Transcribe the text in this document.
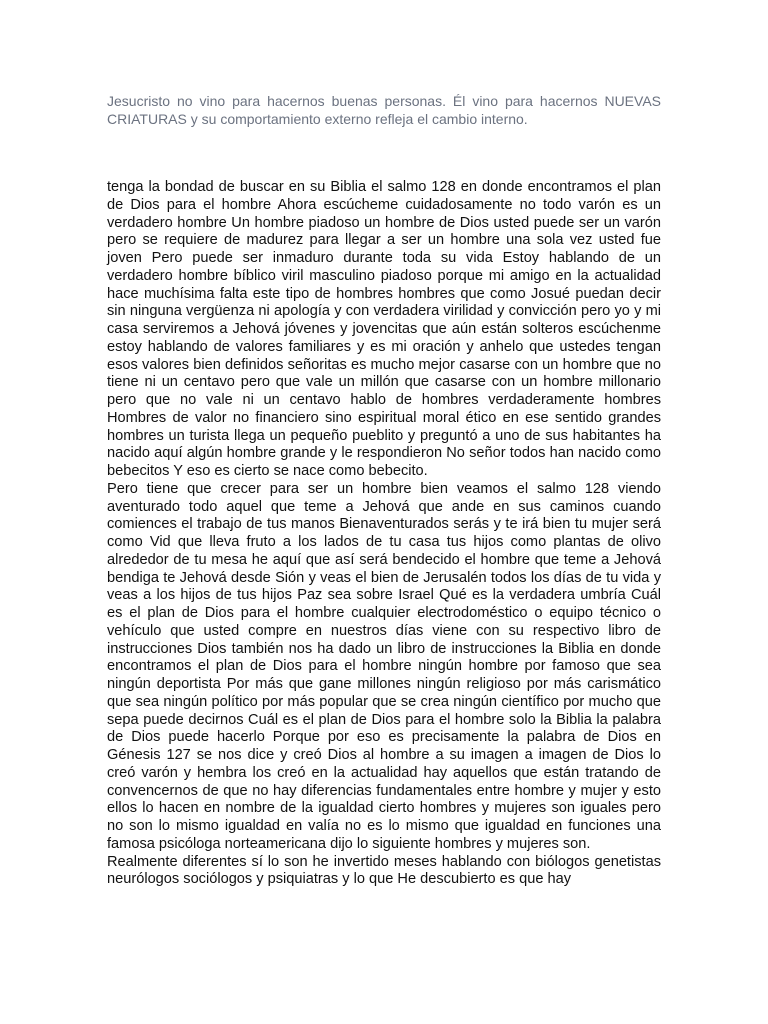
Jesucristo no vino para hacernos buenas personas. Él vino para hacernos NUEVAS CRIATURAS y su comportamiento externo refleja el cambio interno.

tenga la bondad de buscar en su Biblia el salmo 128 en donde encontramos el plan de Dios para el hombre Ahora escúcheme cuidadosamente no todo varón es un verdadero hombre Un hombre piadoso un hombre de Dios usted puede ser un varón pero se requiere de madurez para llegar a ser un hombre una sola vez usted fue joven Pero puede ser inmaduro durante toda su vida Estoy hablando de un verdadero hombre bíblico viril masculino piadoso porque mi amigo en la actualidad hace muchísima falta este tipo de hombres hombres que como Josué puedan decir sin ninguna vergüenza ni apología y con verdadera virilidad y convicción pero yo y mi casa serviremos a Jehová jóvenes y jovencitas que aún están solteros escúchenme estoy hablando de valores familiares y es mi oración y anhelo que ustedes tengan esos valores bien definidos señoritas es mucho mejor casarse con un hombre que no tiene ni un centavo pero que vale un millón que casarse con un hombre millonario pero que no vale ni un centavo hablo de hombres verdaderamente hombres Hombres de valor no financiero sino espiritual moral ético en ese sentido grandes hombres un turista llega un pequeño pueblito y preguntó a uno de sus habitantes ha nacido aquí algún hombre grande y le respondieron No señor todos han nacido como bebecitos Y eso es cierto se nace como bebecito.

Pero tiene que crecer para ser un hombre bien veamos el salmo 128 viendo aventurado todo aquel que teme a Jehová que ande en sus caminos cuando comiences el trabajo de tus manos Bienaventurados serás y te irá bien tu mujer será como Vid que lleva fruto a los lados de tu casa tus hijos como plantas de olivo alrededor de tu mesa he aquí que así será bendecido el hombre que teme a Jehová bendiga te Jehová desde Sión y veas el bien de Jerusalén todos los días de tu vida y veas a los hijos de tus hijos Paz sea sobre Israel Qué es la verdadera umbría Cuál es el plan de Dios para el hombre cualquier electrodoméstico o equipo técnico o vehículo que usted compre en nuestros días viene con su respectivo libro de instrucciones Dios también nos ha dado un libro de instrucciones la Biblia en donde encontramos el plan de Dios para el hombre ningún hombre por famoso que sea ningún deportista Por más que gane millones ningún religioso por más carismático que sea ningún político por más popular que se crea ningún científico por mucho que sepa puede decirnos Cuál es el plan de Dios para el hombre solo la Biblia la palabra de Dios puede hacerlo Porque por eso es precisamente la palabra de Dios en Génesis 127 se nos dice y creó Dios al hombre a su imagen a imagen de Dios lo creó varón y hembra los creó en la actualidad hay aquellos que están tratando de convencernos de que no hay diferencias fundamentales entre hombre y mujer y esto ellos lo hacen en nombre de la igualdad cierto hombres y mujeres son iguales pero no son lo mismo igualdad en valía no es lo mismo que igualdad en funciones una famosa psicóloga norteamericana dijo lo siguiente hombres y mujeres son.

Realmente diferentes sí lo son he invertido meses hablando con biólogos genetistas neurólogos sociólogos y psiquiatras y lo que He descubierto es que hay
